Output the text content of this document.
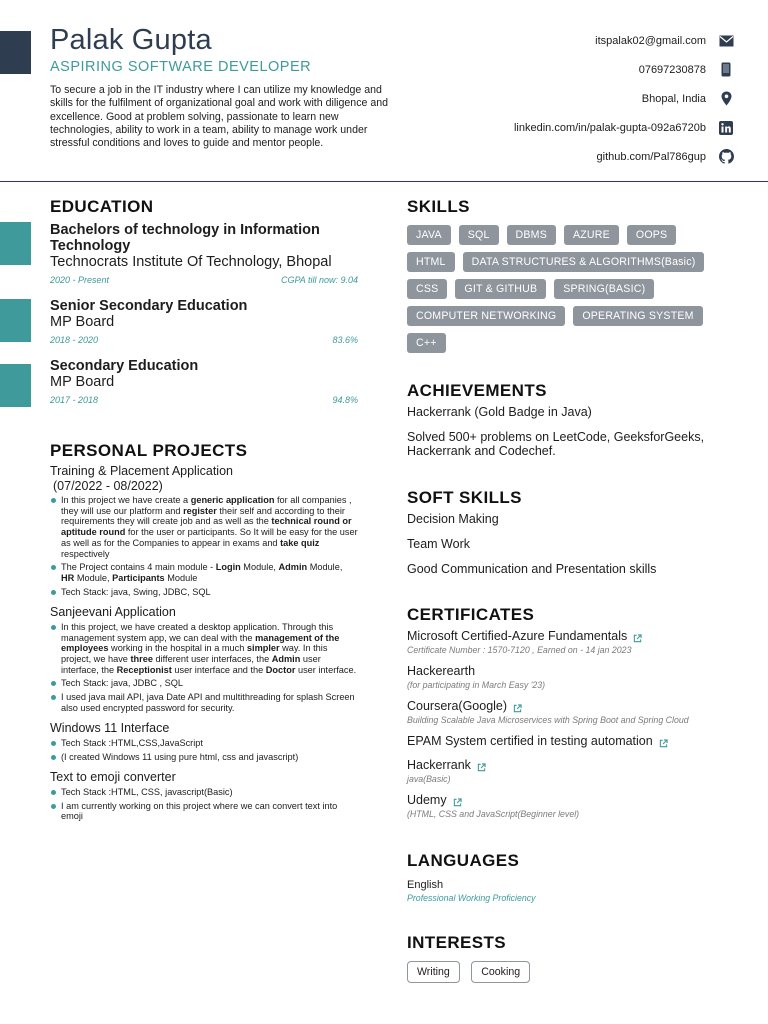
Palak Gupta
ASPIRING SOFTWARE DEVELOPER
To secure a job in the IT industry where I can utilize my knowledge and skills for the fulfilment of organizational goal and work with diligence and excellence. Good at problem solving, passionate to learn new technologies, ability to work in a team, ability to manage work under stressful conditions and loves to guide and mentor people.
itspalak02@gmail.com
07697230878
Bhopal, India
linkedin.com/in/palak-gupta-092a6720b
github.com/Pal786gup
EDUCATION
Bachelors of technology in Information Technology
Technocrats Institute Of Technology, Bhopal
2020 - Present	CGPA till now: 9.04
Senior Secondary Education
MP Board
2018 - 2020	83.6%
Secondary Education
MP Board
2017 - 2018	94.8%
PERSONAL PROJECTS
Training & Placement Application
(07/2022 - 08/2022)
In this project we have create a generic application for all companies , they will use our platform and register their self and according to their requirements they will create job and as well as the technical round or aptitude round for the user or participants. So It will be easy for the user as well as for the Companies to appear in exams and take quiz respectively
The Project contains 4 main module - Login Module, Admin Module, HR Module, Participants Module
Tech Stack: java, Swing, JDBC, SQL
Sanjeevani Application
In this project, we have created a desktop application. Through this management system app, we can deal with the management of the employees working in the hospital in a much simpler way. In this project, we have three different user interfaces, the Admin user interface, the Receptionist user interface and the Doctor user interface.
Tech Stack: java, JDBC , SQL
I used java mail API, java Date API and multithreading for splash Screen also used encrypted password for security.
Windows 11 Interface
Tech Stack :HTML,CSS,JavaScript
(I created Windows 11 using pure html, css and javascript)
Text to emoji converter
Tech Stack :HTML, CSS, javascript(Basic)
I am currently working on this project where we can convert text into emoji
SKILLS
JAVA	SQL	DBMS	AZURE	OOPS
HTML	DATA STRUCTURES & ALGORITHMS(Basic)
CSS	GIT & GITHUB	SPRING(BASIC)
COMPUTER NETWORKING	OPERATING SYSTEM
C++
ACHIEVEMENTS
Hackerrank (Gold Badge in Java)
Solved 500+ problems on LeetCode, GeeksforGeeks, Hackerrank and Codechef.
SOFT SKILLS
Decision Making
Team Work
Good Communication and Presentation skills
CERTIFICATES
Microsoft Certified-Azure Fundamentals
Certificate Number : 1570-7120 , Earned on - 14 jan 2023
Hackerearth
(for participating in March Easy '23)
Coursera(Google)
Building Scalable Java Microservices with Spring Boot and Spring Cloud
EPAM System certified in testing automation
Hackerrank
java(Basic)
Udemy
(HTML, CSS and JavaScript(Beginner level)
LANGUAGES
English
Professional Working Proficiency
INTERESTS
Writing	Cooking
